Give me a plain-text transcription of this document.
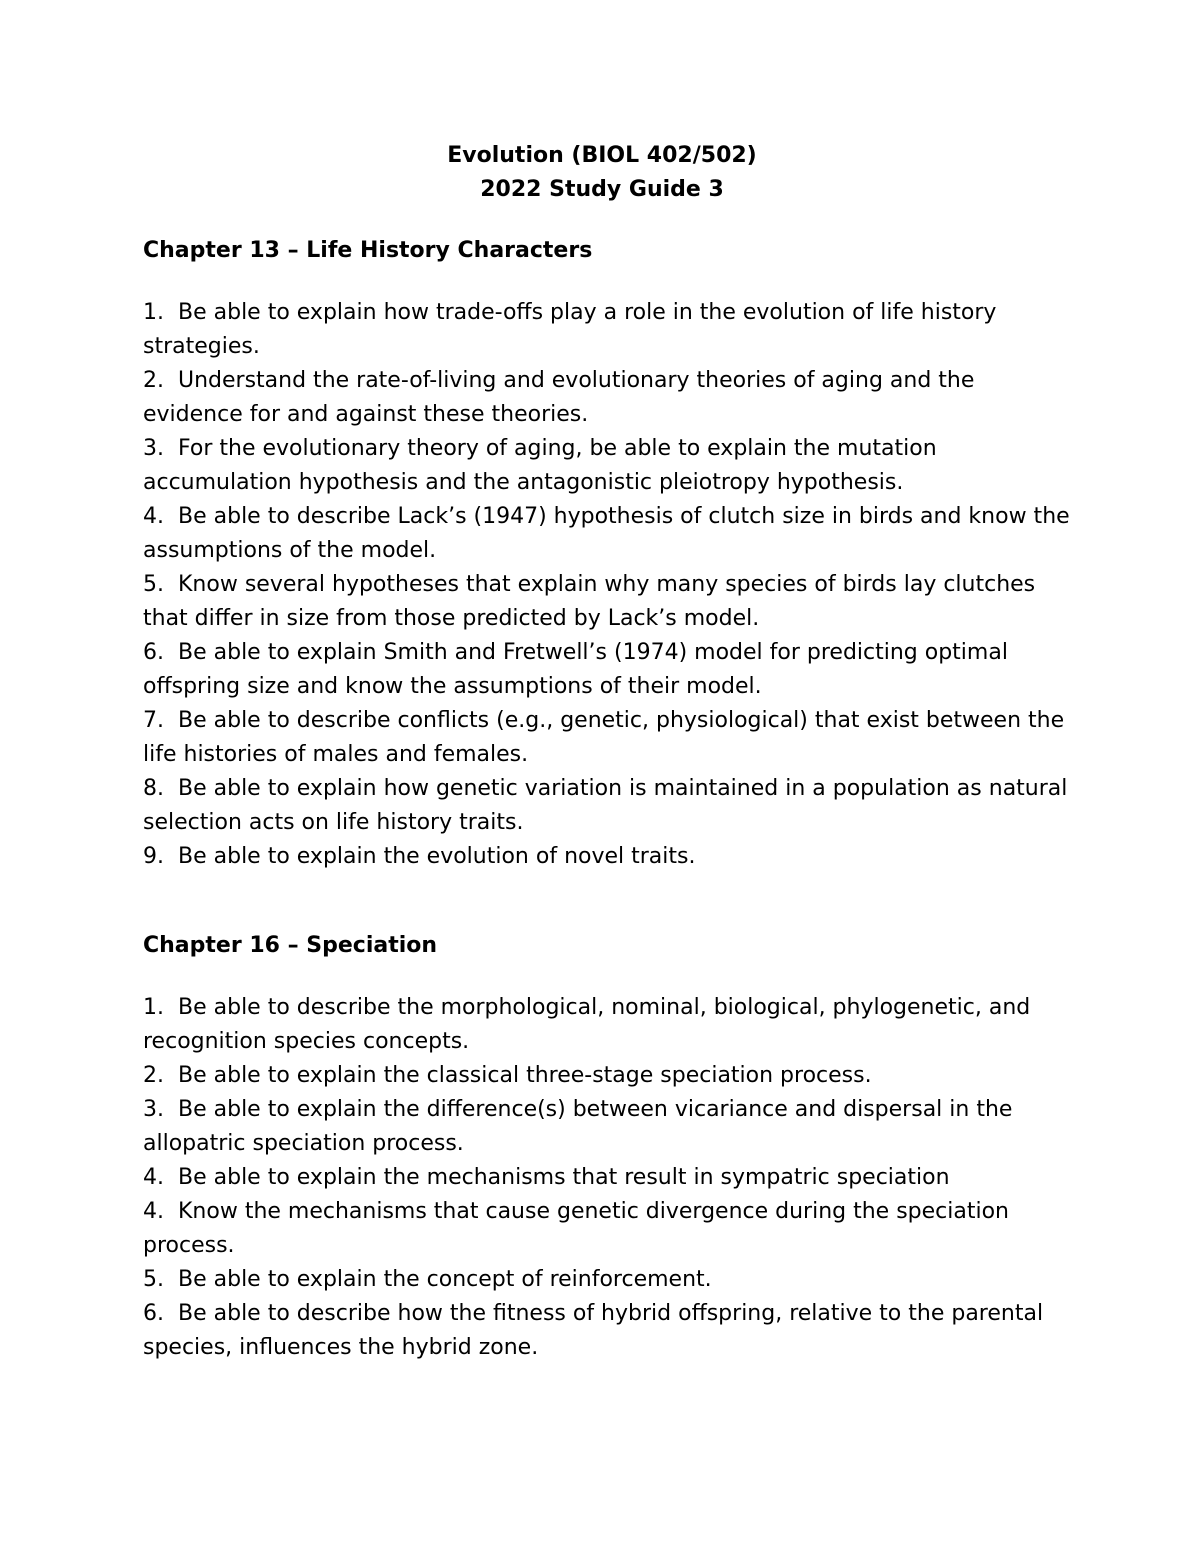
Evolution (BIOL 402/502)
2022 Study Guide 3
Chapter 13 – Life History Characters
1. Be able to explain how trade-offs play a role in the evolution of life history strategies.
2. Understand the rate-of-living and evolutionary theories of aging and the evidence for and against these theories.
3. For the evolutionary theory of aging, be able to explain the mutation accumulation hypothesis and the antagonistic pleiotropy hypothesis.
4. Be able to describe Lack’s (1947) hypothesis of clutch size in birds and know the assumptions of the model.
5. Know several hypotheses that explain why many species of birds lay clutches that differ in size from those predicted by Lack’s model.
6. Be able to explain Smith and Fretwell’s (1974) model for predicting optimal offspring size and know the assumptions of their model.
7. Be able to describe conflicts (e.g., genetic, physiological) that exist between the life histories of males and females.
8. Be able to explain how genetic variation is maintained in a population as natural selection acts on life history traits.
9. Be able to explain the evolution of novel traits.
Chapter 16 – Speciation
1. Be able to describe the morphological, nominal, biological, phylogenetic, and recognition species concepts.
2. Be able to explain the classical three-stage speciation process.
3. Be able to explain the difference(s) between vicariance and dispersal in the allopatric speciation process.
4. Be able to explain the mechanisms that result in sympatric speciation
4. Know the mechanisms that cause genetic divergence during the speciation process.
5. Be able to explain the concept of reinforcement.
6. Be able to describe how the fitness of hybrid offspring, relative to the parental species, influences the hybrid zone.
